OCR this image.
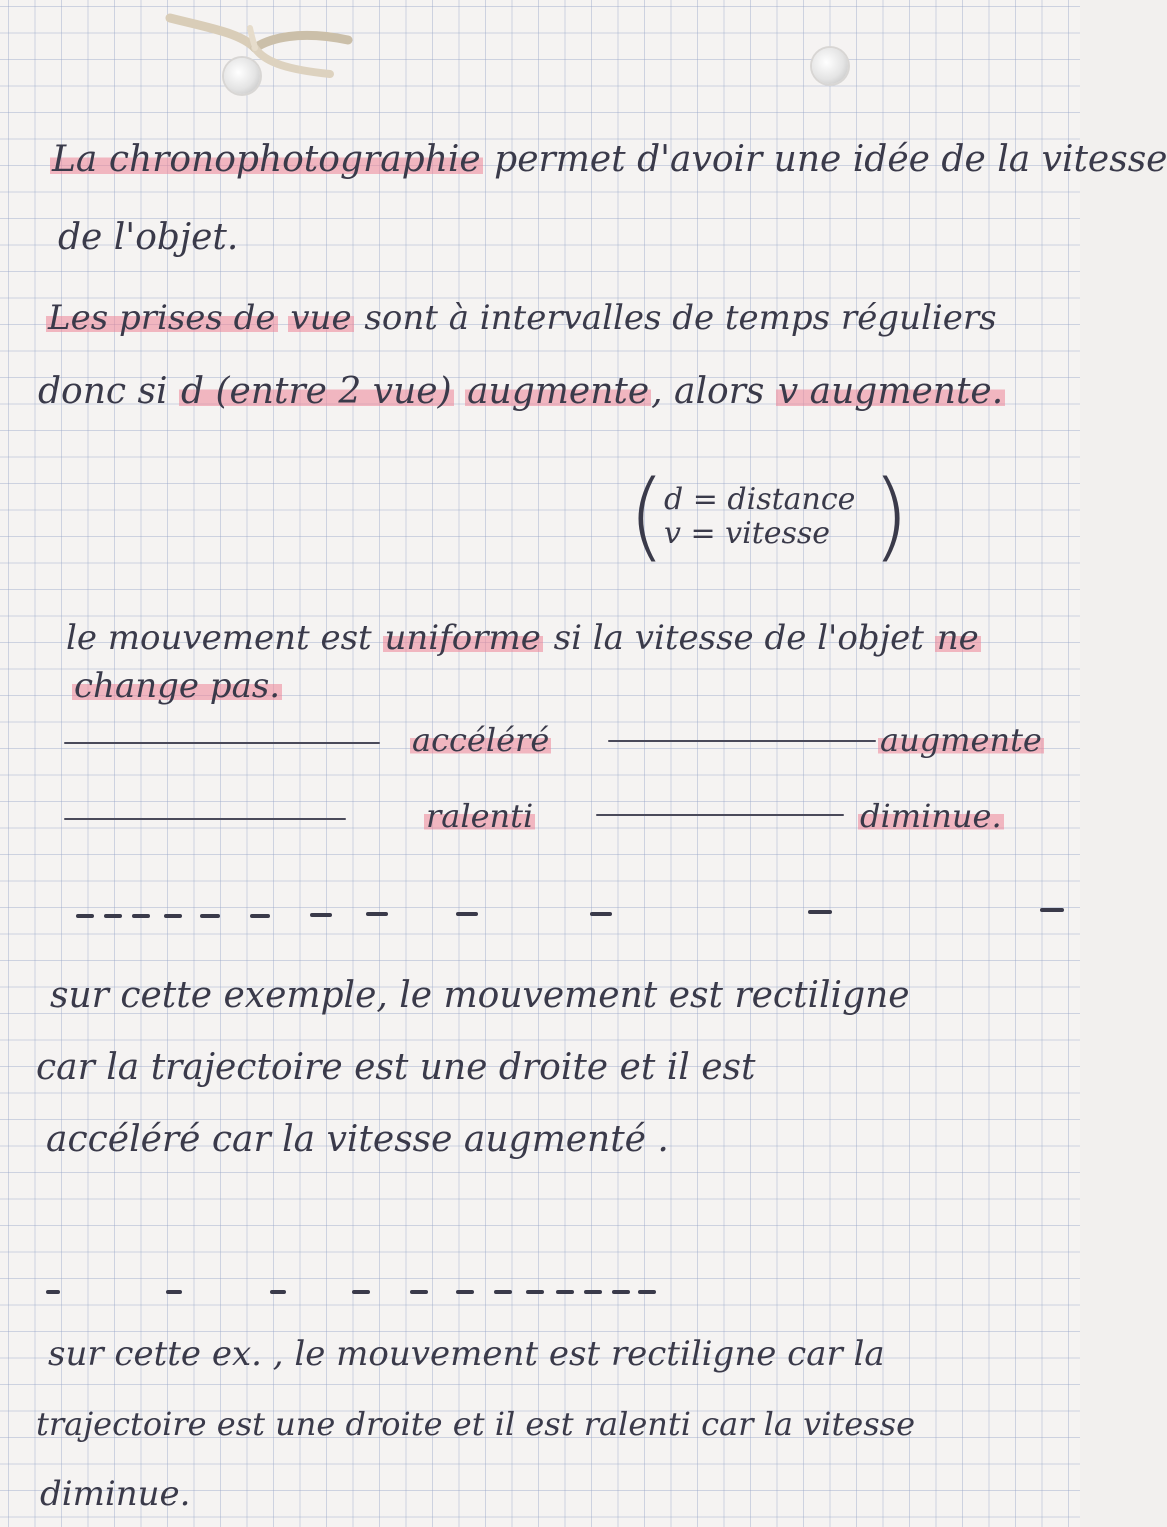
La chronophotographie permet d'avoir une idée de la vitesse
de l'objet.
Les prises de vue sont à intervalles de temps réguliers
donc si d (entre 2 vue) augmente, alors v augmente.
(
d = distance
v = vitesse )
le mouvement est uniforme si la vitesse de l'objet ne
change pas.
accéléré	augmente
ralenti	diminue.
sur cette exemple, le mouvement est rectiligne
car la trajectoire est une droite et il est
accéléré car la vitesse augmenté .
sur cette ex. , le mouvement est rectiligne car la
trajectoire est une droite et il est ralenti car la vitesse
diminue.
